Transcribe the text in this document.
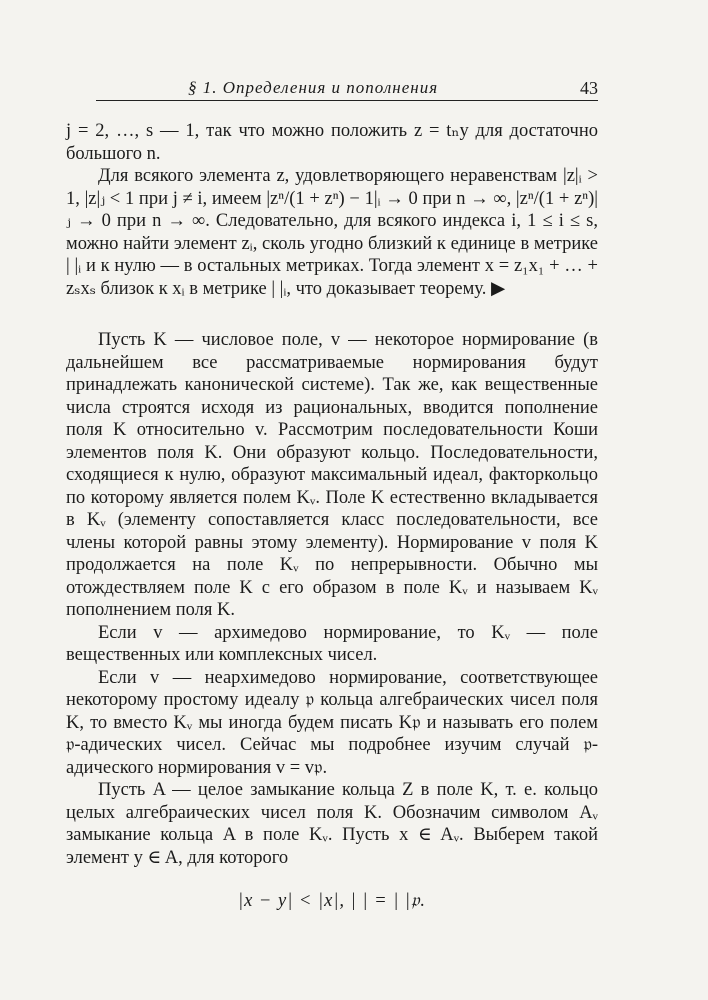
§ 1. Определения и пополнения	43

j = 2, …, s — 1, так что можно положить z = tₙy для достаточно большого n.

Для всякого элемента z, удовлетворяющего неравенствам |z|ᵢ > 1, |z|ⱼ < 1 при j ≠ i, имеем |zⁿ/(1 + zⁿ) − 1|ᵢ → 0 при n → ∞, |zⁿ/(1 + zⁿ)|ⱼ → 0 при n → ∞. Следовательно, для всякого индекса i, 1 ≤ i ≤ s, можно найти элемент zᵢ, сколь угодно близкий к единице в метрике | |ᵢ и к нулю — в остальных метриках. Тогда элемент x = z₁x₁ + … + zₛxₛ близок к xᵢ в метрике | |ᵢ, что доказывает теорему. ▶

Пусть K — числовое поле, v — некоторое нормирование (в дальнейшем все рассматриваемые нормирования будут принадлежать канонической системе). Так же, как вещественные числа строятся исходя из рациональных, вводится пополнение поля K относительно v. Рассмотрим последовательности Коши элементов поля K. Они образуют кольцо. Последовательности, сходящиеся к нулю, образуют максимальный идеал, факторкольцо по которому является полем Kᵥ. Поле K естественно вкладывается в Kᵥ (элементу сопоставляется класс последовательности, все члены которой равны этому элементу). Нормирование v поля K продолжается на поле Kᵥ по непрерывности. Обычно мы отождествляем поле K с его образом в поле Kᵥ и называем Kᵥ пополнением поля K.

Если v — архимедово нормирование, то Kᵥ — поле вещественных или комплексных чисел.

Если v — неархимедово нормирование, соответствующее некоторому простому идеалу 𝔭 кольца алгебраических чисел поля K, то вместо Kᵥ мы иногда будем писать K𝔭 и называть его полем 𝔭-адических чисел. Сейчас мы подробнее изучим случай 𝔭-адического нормирования v = v𝔭.

Пусть A — целое замыкание кольца Z в поле K, т. е. кольцо целых алгебраических чисел поля K. Обозначим символом Aᵥ замыкание кольца A в поле Kᵥ. Пусть x ∈ Aᵥ. Выберем такой элемент y ∈ A, для которого

|x − y| < |x|, | | = | |𝔭.
